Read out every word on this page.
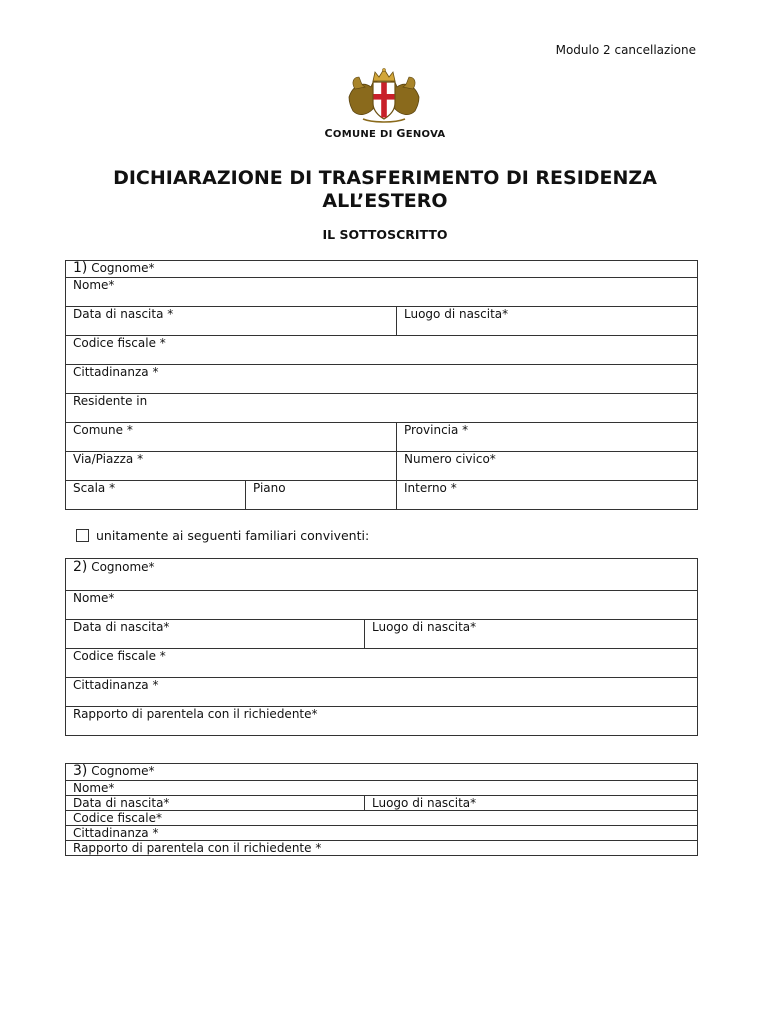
Modulo 2 cancellazione
COMUNE DI GENOVA
DICHIARAZIONE DI TRASFERIMENTO DI RESIDENZA
ALL’ESTERO
IL SOTTOSCRITTO
1) Cognome*		
Nome*		
Data di nascita *		Luogo di nascita*
Codice fiscale *		
Cittadinanza *		
Residente in		
Comune *		Provincia *
Via/Piazza *		Numero civico*
Scala *	Piano	Interno *
unitamente ai seguenti familiari conviventi:
2) Cognome*
Nome*
Data di nascita*	Luogo di nascita*
Codice fiscale *
Cittadinanza *
Rapporto di parentela con il richiedente*
3) Cognome*
Nome*
Data di nascita*	Luogo di nascita*
Codice fiscale*
Cittadinanza *
Rapporto di parentela con il richiedente *
